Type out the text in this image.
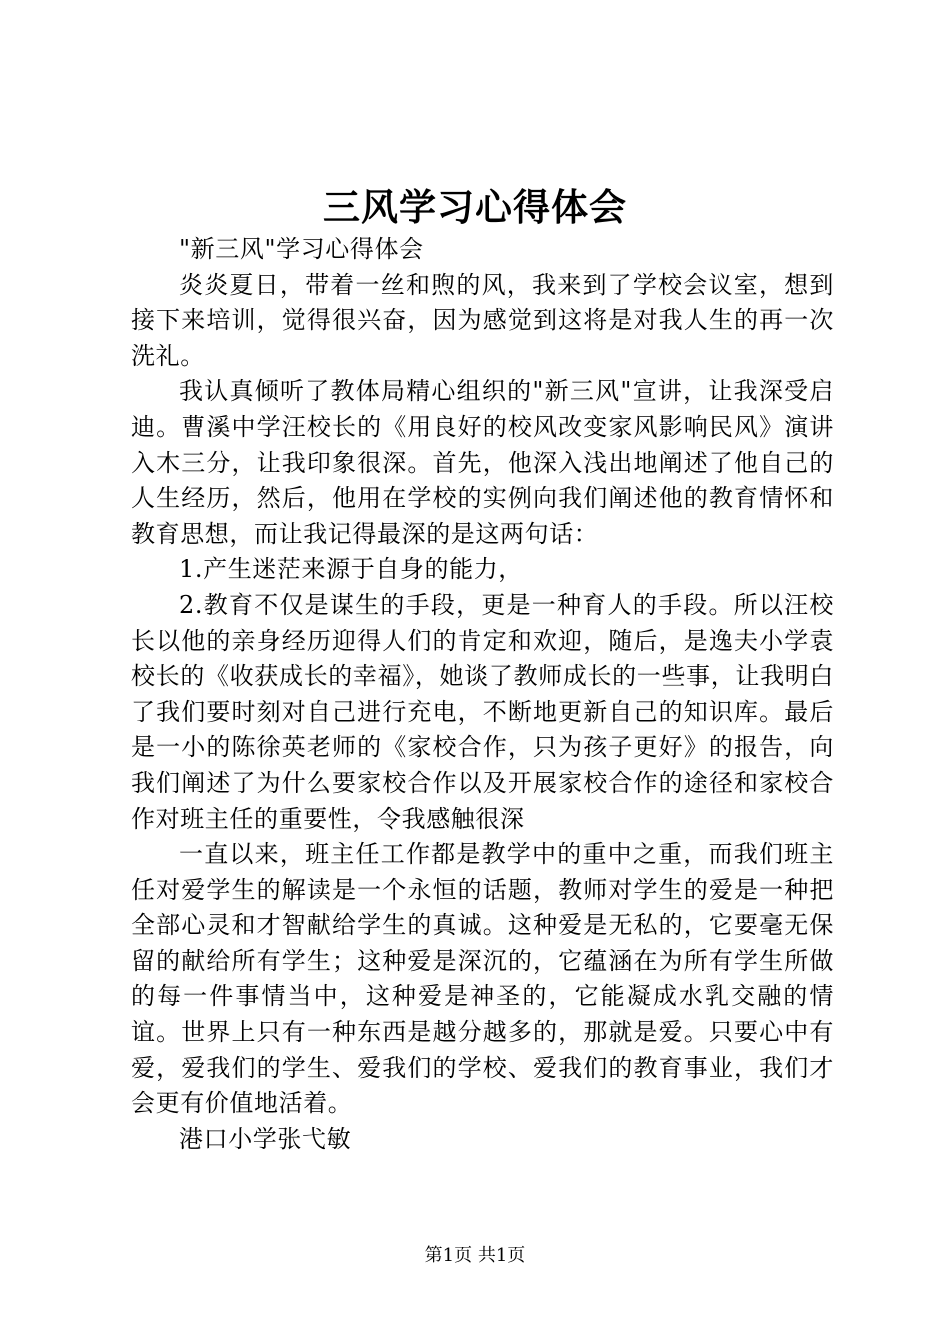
三风学习心得体会

"新三风"学习心得体会

炎炎夏日，带着一丝和煦的风，我来到了学校会议室，想到接下来培训，觉得很兴奋，因为感觉到这将是对我人生的再一次洗礼。

我认真倾听了教体局精心组织的"新三风"宣讲，让我深受启迪。曹溪中学汪校长的《用良好的校风改变家风影响民风》演讲入木三分，让我印象很深。首先，他深入浅出地阐述了他自己的人生经历，然后，他用在学校的实例向我们阐述他的教育情怀和教育思想，而让我记得最深的是这两句话：

1.产生迷茫来源于自身的能力，

2.教育不仅是谋生的手段，更是一种育人的手段。所以汪校长以他的亲身经历迎得人们的肯定和欢迎，随后，是逸夫小学袁校长的《收获成长的幸福》，她谈了教师成长的一些事，让我明白了我们要时刻对自己进行充电，不断地更新自己的知识库。最后是一小的陈徐英老师的《家校合作，只为孩子更好》的报告，向我们阐述了为什么要家校合作以及开展家校合作的途径和家校合作对班主任的重要性，令我感触很深

一直以来，班主任工作都是教学中的重中之重，而我们班主任对爱学生的解读是一个永恒的话题，教师对学生的爱是一种把全部心灵和才智献给学生的真诚。这种爱是无私的，它要毫无保留的献给所有学生；这种爱是深沉的，它蕴涵在为所有学生所做的每一件事情当中，这种爱是神圣的，它能凝成水乳交融的情谊。世界上只有一种东西是越分越多的，那就是爱。只要心中有爱，爱我们的学生、爱我们的学校、爱我们的教育事业，我们才会更有价值地活着。

港口小学张弋敏

第1页 共1页
